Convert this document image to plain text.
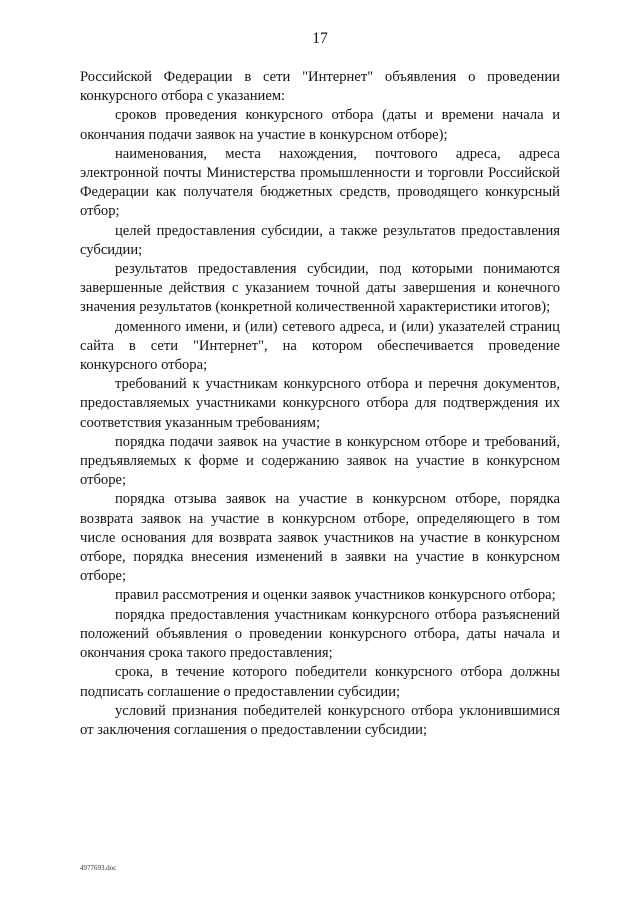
17

Российской Федерации в сети "Интернет" объявления о проведении конкурсного отбора с указанием:

сроков проведения конкурсного отбора (даты и времени начала и окончания подачи заявок на участие в конкурсном отборе);

наименования, места нахождения, почтового адреса, адреса электронной почты Министерства промышленности и торговли Российской Федерации как получателя бюджетных средств, проводящего конкурсный отбор;

целей предоставления субсидии, а также результатов предоставления субсидии;

результатов предоставления субсидии, под которыми понимаются завершенные действия с указанием точной даты завершения и конечного значения результатов (конкретной количественной характеристики итогов);

доменного имени, и (или) сетевого адреса, и (или) указателей страниц сайта в сети "Интернет", на котором обеспечивается проведение конкурсного отбора;

требований к участникам конкурсного отбора и перечня документов, предоставляемых участниками конкурсного отбора для подтверждения их соответствия указанным требованиям;

порядка подачи заявок на участие в конкурсном отборе и требований, предъявляемых к форме и содержанию заявок на участие в конкурсном отборе;

порядка отзыва заявок на участие в конкурсном отборе, порядка возврата заявок на участие в конкурсном отборе, определяющего в том числе основания для возврата заявок участников на участие в конкурсном отборе, порядка внесения изменений в заявки на участие в конкурсном отборе;

правил рассмотрения и оценки заявок участников конкурсного отбора;

порядка предоставления участникам конкурсного отбора разъяснений положений объявления о проведении конкурсного отбора, даты начала и окончания срока такого предоставления;

срока, в течение которого победители конкурсного отбора должны подписать соглашение о предоставлении субсидии;

условий признания победителей конкурсного отбора уклонившимися от заключения соглашения о предоставлении субсидии;

4977693.doc
